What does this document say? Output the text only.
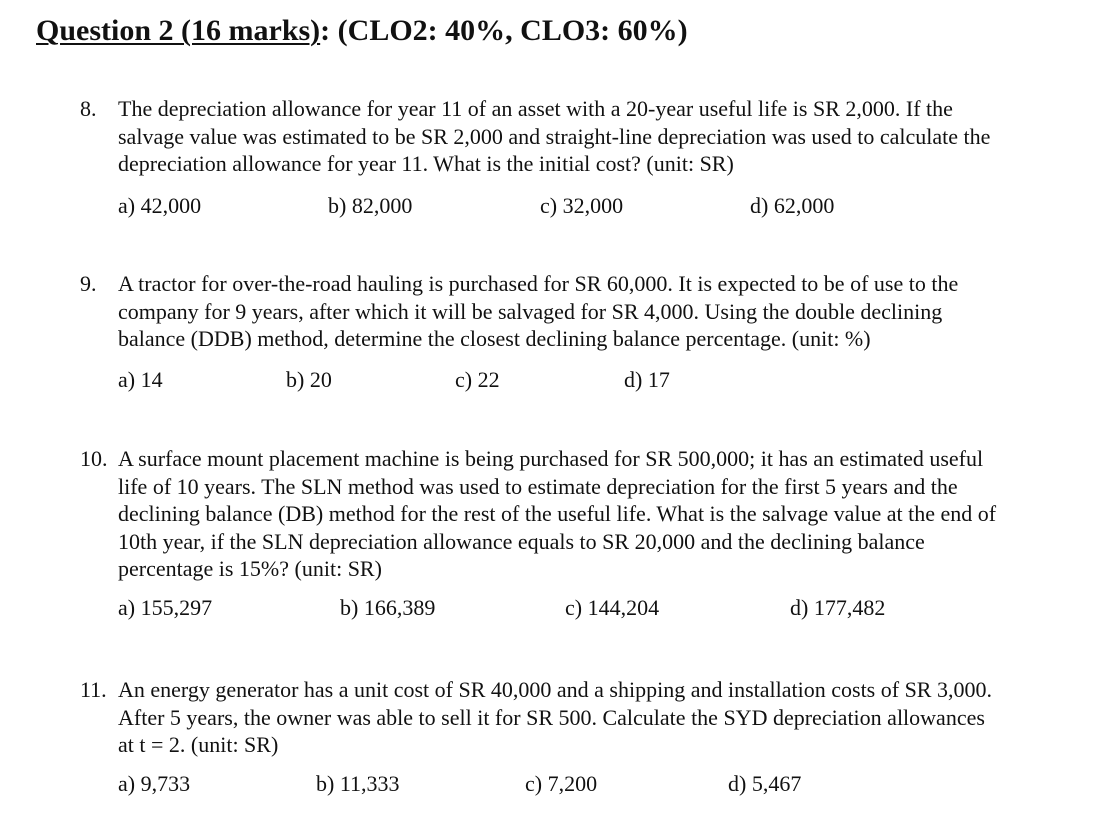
Question 2 (16 marks): (CLO2: 40%, CLO3: 60%)
8. The depreciation allowance for year 11 of an asset with a 20-year useful life is SR 2,000. If the
salvage value was estimated to be SR 2,000 and straight-line depreciation was used to calculate the
depreciation allowance for year 11. What is the initial cost? (unit: SR)
a) 42,000	b) 82,000	c) 32,000	d) 62,000
9. A tractor for over-the-road hauling is purchased for SR 60,000. It is expected to be of use to the
company for 9 years, after which it will be salvaged for SR 4,000. Using the double declining
balance (DDB) method, determine the closest declining balance percentage. (unit: %)
a) 14	b) 20	c) 22	d) 17
10. A surface mount placement machine is being purchased for SR 500,000; it has an estimated useful
life of 10 years. The SLN method was used to estimate depreciation for the first 5 years and the
declining balance (DB) method for the rest of the useful life. What is the salvage value at the end of
10th year, if the SLN depreciation allowance equals to SR 20,000 and the declining balance
percentage is 15%? (unit: SR)
a) 155,297	b) 166,389	c) 144,204	d) 177,482
11. An energy generator has a unit cost of SR 40,000 and a shipping and installation costs of SR 3,000.
After 5 years, the owner was able to sell it for SR 500. Calculate the SYD depreciation allowances
at t = 2. (unit: SR)
a) 9,733	b) 11,333	c) 7,200	d) 5,467
